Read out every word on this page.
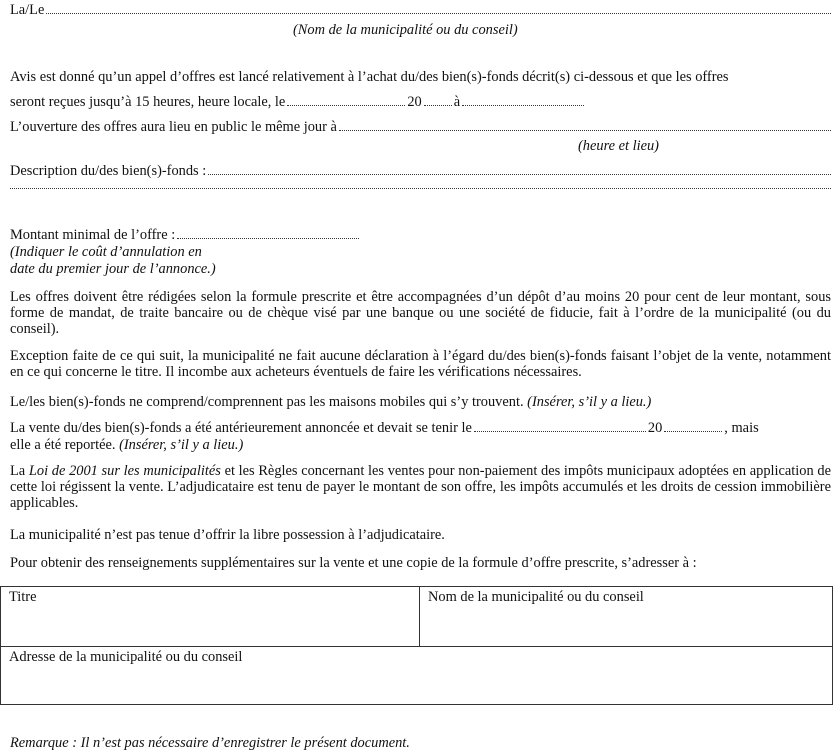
La/Le
(Nom de la municipalité ou du conseil)
Avis est donné qu’un appel d’offres est lancé relativement à l’achat du/des bien(s)-fonds décrit(s) ci-dessous et que les offres
seront reçues jusqu’à 15 heures, heure locale, le	20 à
L’ouverture des offres aura lieu en public le même jour à
(heure et lieu)
Description du/des bien(s)-fonds :
Montant minimal de l’offre :
(Indiquer le coût d’annulation en
date du premier jour de l’annonce.)
Les offres doivent être rédigées selon la formule prescrite et être accompagnées d’un dépôt d’au moins 20 pour cent de leur montant, sous forme de mandat, de traite bancaire ou de chèque visé par une banque ou une société de fiducie, fait à l’ordre de la municipalité (ou du conseil).
Exception faite de ce qui suit, la municipalité ne fait aucune déclaration à l’égard du/des bien(s)-fonds faisant l’objet de la vente, notamment en ce qui concerne le titre. Il incombe aux acheteurs éventuels de faire les vérifications nécessaires.
Le/les bien(s)-fonds ne comprend/comprennent pas les maisons mobiles qui s’y trouvent. (Insérer, s’il y a lieu.)
La vente du/des bien(s)-fonds a été antérieurement annoncée et devait se tenir le	20	, mais
elle a été reportée. (Insérer, s’il y a lieu.)
La Loi de 2001 sur les municipalités et les Règles concernant les ventes pour non-paiement des impôts municipaux adoptées en application de cette loi régissent la vente. L’adjudicataire est tenu de payer le montant de son offre, les impôts accumulés et les droits de cession immobilière applicables.
La municipalité n’est pas tenue d’offrir la libre possession à l’adjudicataire.
Pour obtenir des renseignements supplémentaires sur la vente et une copie de la formule d’offre prescrite, s’adresser à :
Titre	Nom de la municipalité ou du conseil

Adresse de la municipalité ou du conseil
Remarque : Il n’est pas nécessaire d’enregistrer le présent document.
